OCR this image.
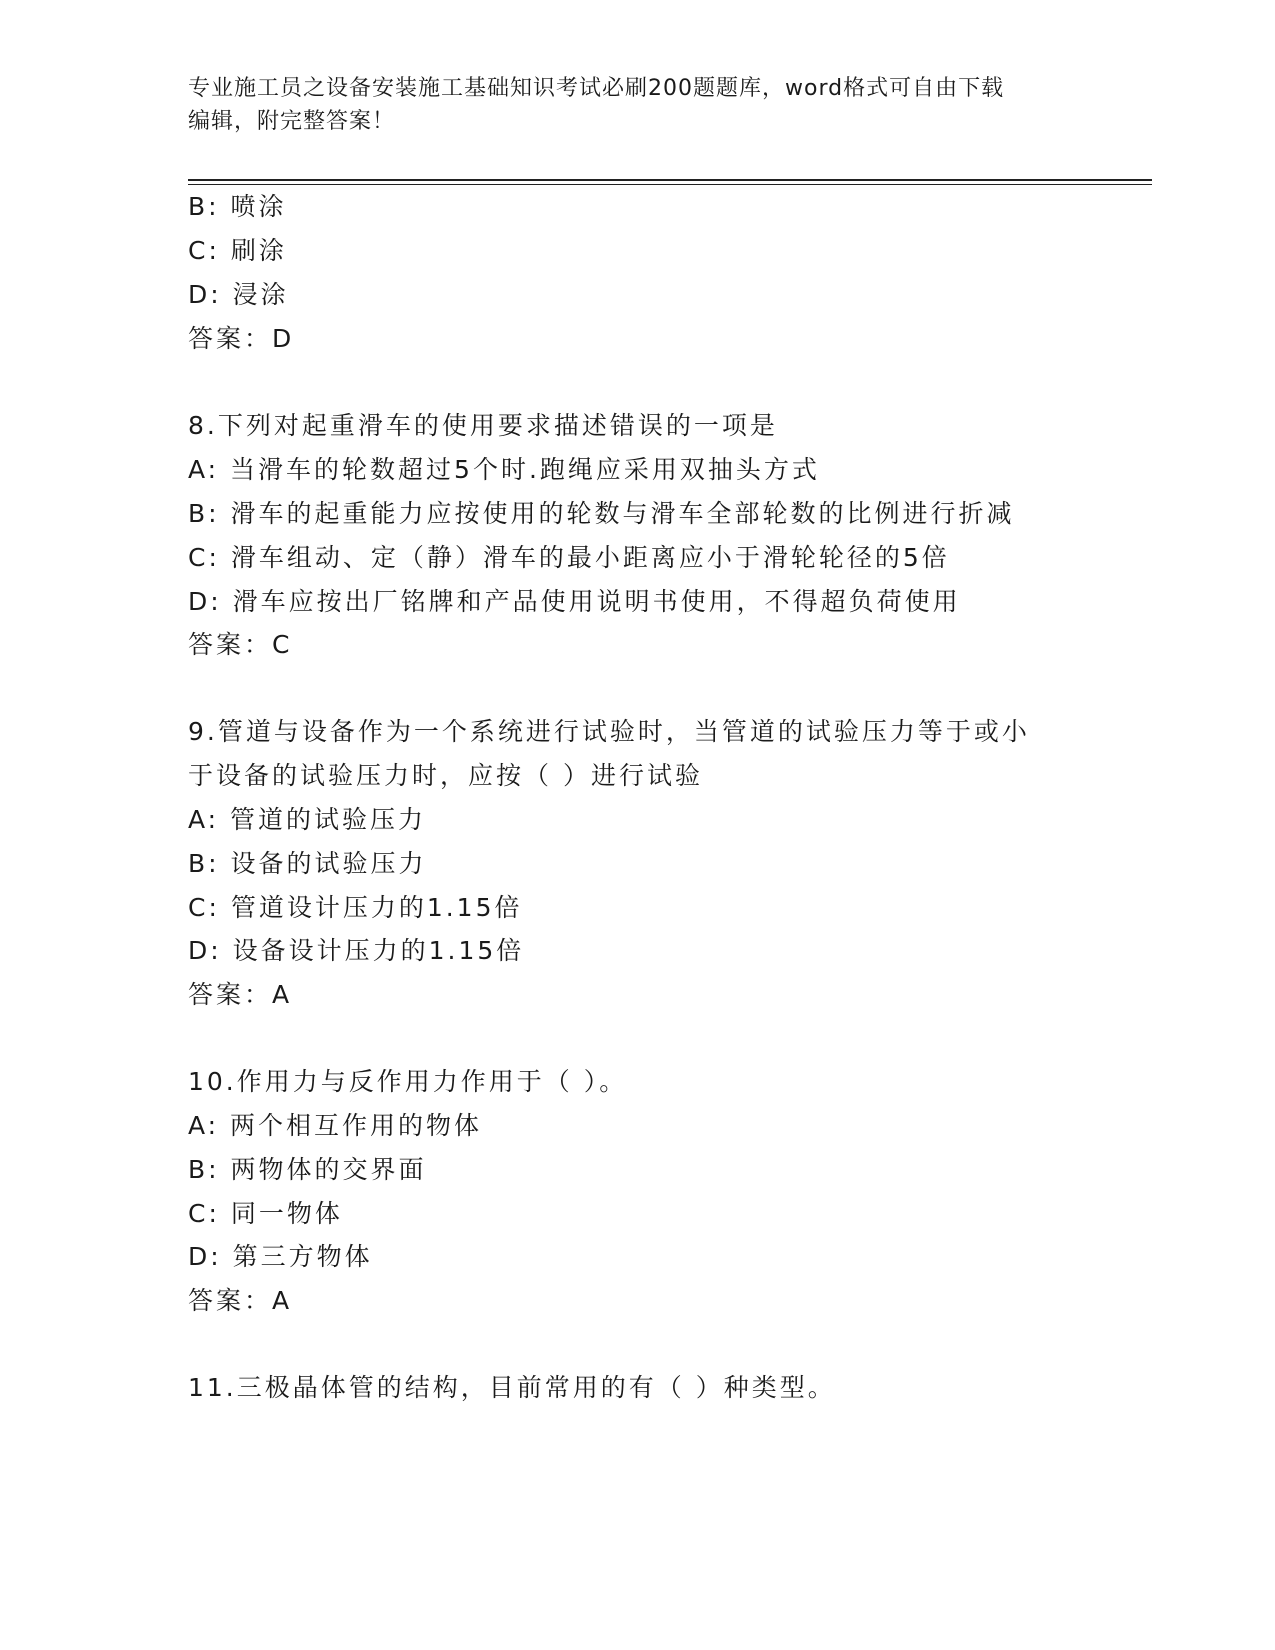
专业施工员之设备安装施工基础知识考试必刷200题题库，word格式可自由下载
编辑，附完整答案！
B: 喷涂
C: 刷涂
D: 浸涂
答案：D
8.下列对起重滑车的使用要求描述错误的一项是
A: 当滑车的轮数超过5个时.跑绳应采用双抽头方式
B: 滑车的起重能力应按使用的轮数与滑车全部轮数的比例进行折减
C: 滑车组动、定（静）滑车的最小距离应小于滑轮轮径的5倍
D: 滑车应按出厂铭牌和产品使用说明书使用，不得超负荷使用
答案：C
9.管道与设备作为一个系统进行试验时，当管道的试验压力等于或小
于设备的试验压力时，应按（ ）进行试验
A: 管道的试验压力
B: 设备的试验压力
C: 管道设计压力的1.15倍
D: 设备设计压力的1.15倍
答案：A
10.作用力与反作用力作用于（ ）。
A: 两个相互作用的物体
B: 两物体的交界面
C: 同一物体
D: 第三方物体
答案：A
11.三极晶体管的结构，目前常用的有（ ）种类型。
